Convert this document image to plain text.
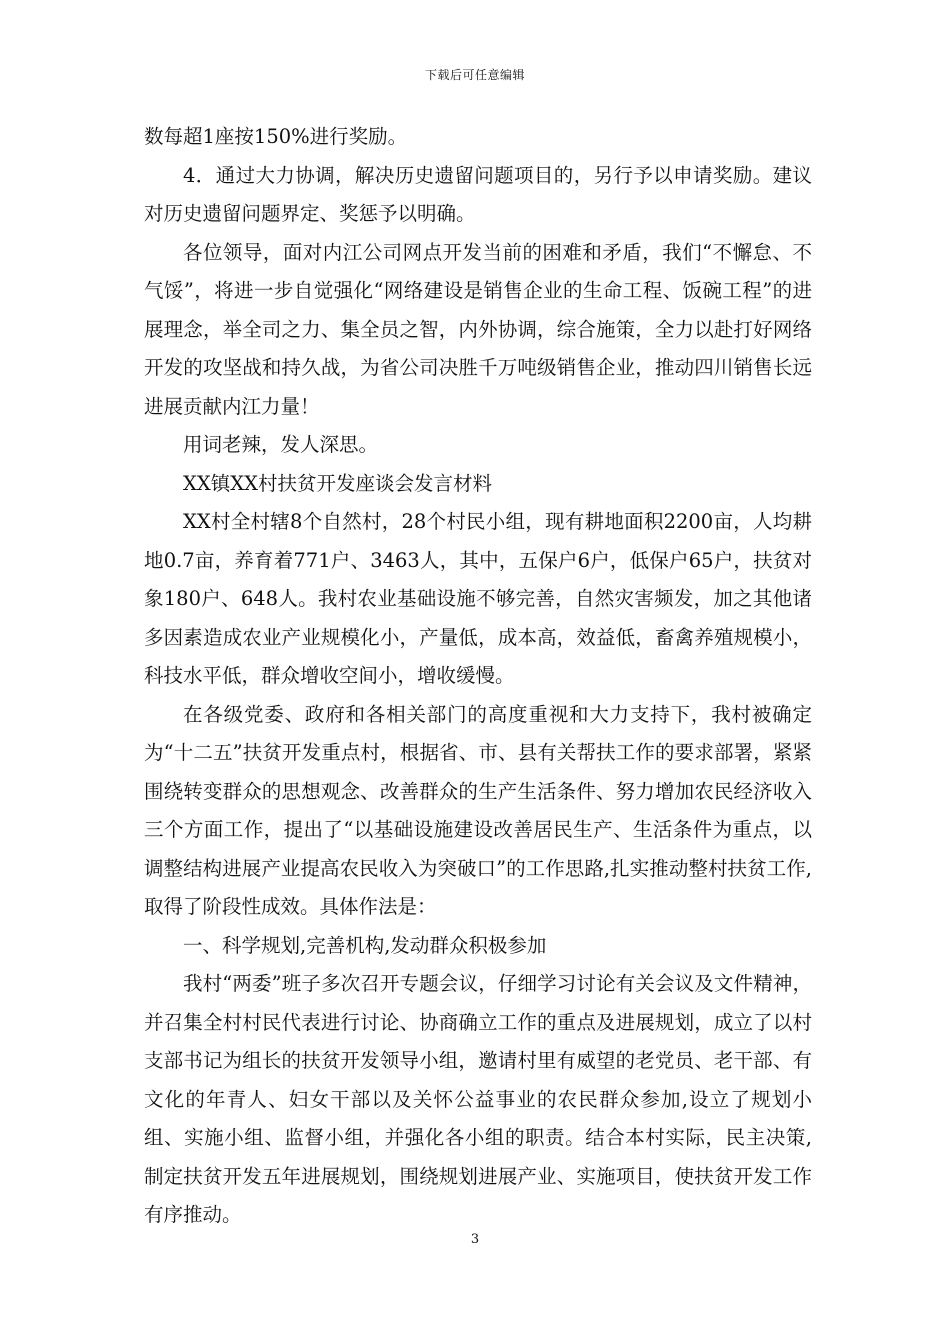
下载后可任意编辑

数每超1座按150%进行奖励。

4．通过大力协调，解决历史遗留问题项目的，另行予以申请奖励。建议对历史遗留问题界定、奖惩予以明确。

各位领导，面对内江公司网点开发当前的困难和矛盾，我们“不懈怠、不气馁”，将进一步自觉强化“网络建设是销售企业的生命工程、饭碗工程”的进展理念，举全司之力、集全员之智，内外协调，综合施策，全力以赴打好网络开发的攻坚战和持久战，为省公司决胜千万吨级销售企业，推动四川销售长远进展贡献内江力量！

用词老辣，发人深思。

XX镇XX村扶贫开发座谈会发言材料

XX村全村辖8个自然村，28个村民小组，现有耕地面积2200亩，人均耕地0.7亩，养育着771户、3463人，其中，五保户6户，低保户65户，扶贫对象180户、648人。我村农业基础设施不够完善，自然灾害频发，加之其他诸多因素造成农业产业规模化小，产量低，成本高，效益低，畜禽养殖规模小，科技水平低，群众增收空间小，增收缓慢。

在各级党委、政府和各相关部门的高度重视和大力支持下，我村被确定为“十二五”扶贫开发重点村，根据省、市、县有关帮扶工作的要求部署，紧紧围绕转变群众的思想观念、改善群众的生产生活条件、努力增加农民经济收入三个方面工作，提出了“以基础设施建设改善居民生产、生活条件为重点，以调整结构进展产业提高农民收入为突破口”的工作思路,扎实推动整村扶贫工作,取得了阶段性成效。具体作法是：

一、科学规划,完善机构,发动群众积极参加

我村“两委”班子多次召开专题会议，仔细学习讨论有关会议及文件精神，并召集全村村民代表进行讨论、协商确立工作的重点及进展规划，成立了以村支部书记为组长的扶贫开发领导小组，邀请村里有威望的老党员、老干部、有文化的年青人、妇女干部以及关怀公益事业的农民群众参加,设立了规划小组、实施小组、监督小组，并强化各小组的职责。结合本村实际，民主决策,制定扶贫开发五年进展规划，围绕规划进展产业、实施项目，使扶贫开发工作有序推动。

3
